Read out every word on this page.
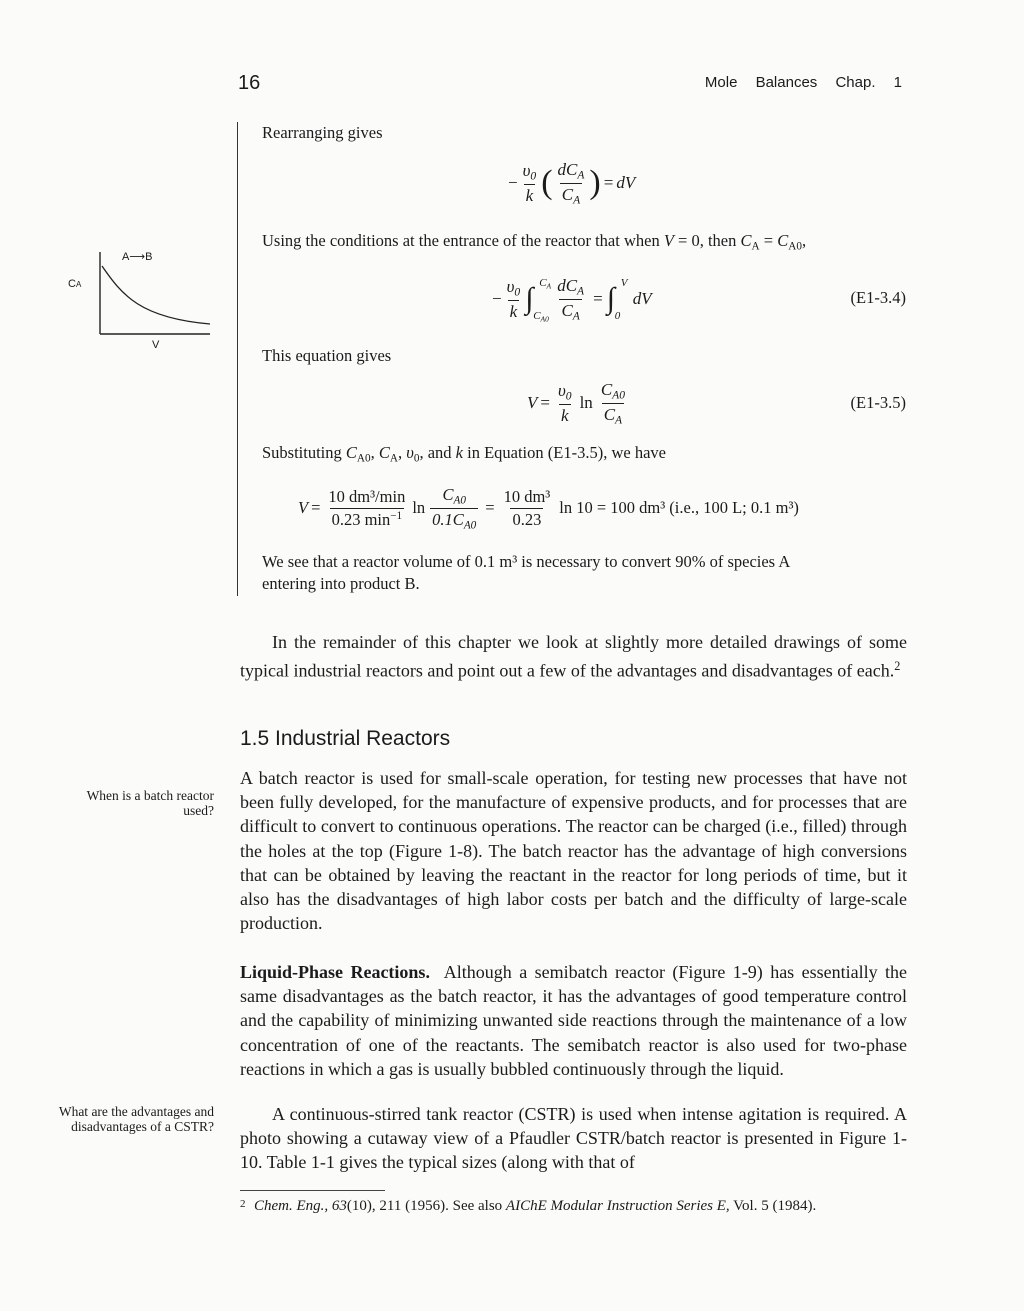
16	Mole Balances Chap. 1
Rearranging gives
− $\frac{\upsilon_0}{k}$ ( $\frac{dC_A}{C_A}$ ) = dV
Using the conditions at the entrance of the reactor that when V = 0, then $C_A = C_{A0}$,
− $\frac{\upsilon_0}{k}$ ∫ $C_A$
$C_{A0} \frac{dC_A}{C_A}$ = ∫ V
0
dV	(E1-3.4)
This equation gives
$V = \frac{\upsilon_0}{k}$ $\ln \frac{C_{A0}}{C_A}$	(E1-3.5)
Substituting $C_{A0}$, $C_A$, $\upsilon_0$, and k in Equation (E1-3.5), we have
$V = \frac{\text{10 dm³/min}}{0.23 \min^{-1}}$ $\ln \frac{C_{A0}}{0.1C_{A0}} = \frac{\text{10 dm³}}{0.23}$ ln 10 = 100 dm³ (i.e., 100 L; 0.1 m³)
We see that a reactor volume of 0.1 m³ is necessary to convert 90% of species A
entering into product B.
A⟶B
CA
V
In the remainder of this chapter we look at slightly more detailed drawings of some typical industrial reactors and point out a few of the advantages and disadvantages of each.$^2$
1.5 Industrial Reactors
When is a batch reactor used?
What are the advantages and disadvantages of a CSTR?
A batch reactor is used for small-scale operation, for testing new processes that have not been fully developed, for the manufacture of expensive products, and for processes that are difficult to convert to continuous operations. The reactor can be charged (i.e., filled) through the holes at the top (Figure 1-8). The batch reactor has the advantage of high conversions that can be obtained by leaving the reactant in the reactor for long periods of time, but it also has the disadvantages of high labor costs per batch and the difficulty of large-scale production.
Liquid-Phase Reactions. Although a semibatch reactor (Figure 1-9) has essentially the same disadvantages as the batch reactor, it has the advantages of good temperature control and the capability of minimizing unwanted side reactions through the maintenance of a low concentration of one of the reactants. The semibatch reactor is also used for two-phase reactions in which a gas is usually bubbled continuously through the liquid.
A continuous-stirred tank reactor (CSTR) is used when intense agitation is required. A photo showing a cutaway view of a Pfaudler CSTR/batch reactor is presented in Figure 1-10. Table 1-1 gives the typical sizes (along with that of
2 Chem. Eng., 63(10), 211 (1956). See also AIChE Modular Instruction Series E, Vol. 5 (1984).
